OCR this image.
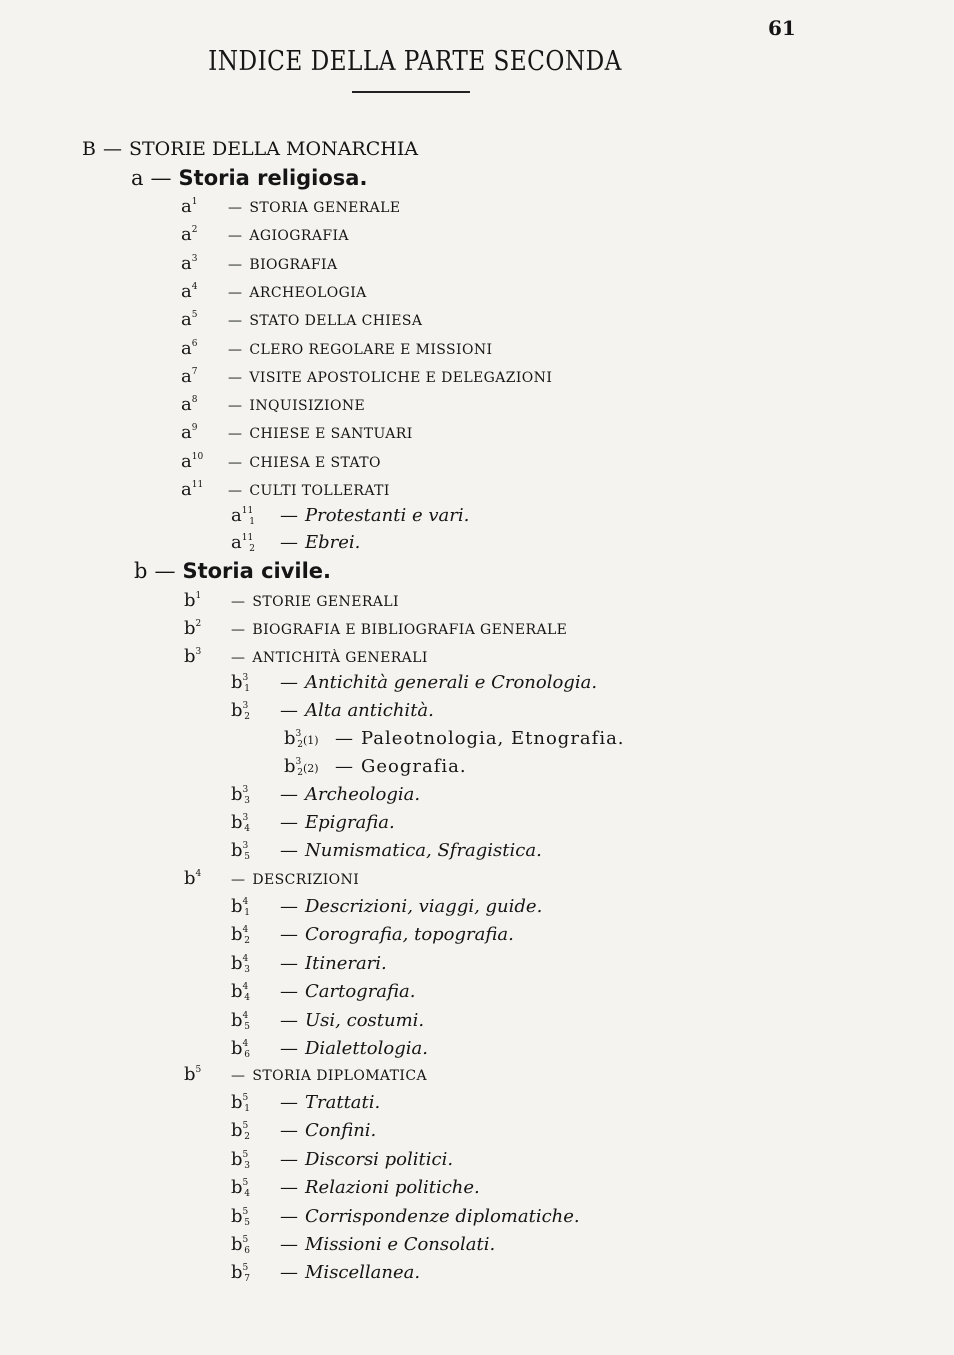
61
INDICE DELLA PARTE SECONDA
B — STORIE DELLA MONARCHIA
a — Storia religiosa.
$a^1$ — STORIA GENERALE
$a^2$ — AGIOGRAFIA
$a^3$ — BIOGRAFIA
$a^4$ — ARCHEOLOGIA
$a^5$ — STATO DELLA CHIESA
$a^6$ — CLERO REGOLARE E MISSIONI
$a^7$ — VISITE APOSTOLICHE E DELEGAZIONI
$a^8$ — INQUISIZIONE
$a^9$ — CHIESE E SANTUARI
$a^{10}$ — CHIESA E STATO
$a^{11}$ — CULTI TOLLERATI
$a^{11}_1$ — Protestanti e vari.
$a^{11}_2$ — Ebrei.
b — Storia civile.
$b^1$ — STORIE GENERALI
$b^2$ — BIOGRAFIA E BIBLIOGRAFIA GENERALE
$b^3$ — ANTICHITÀ GENERALI
$b^3_1$ — Antichità generali e Cronologia.
$b^3_2$ — Alta antichità.
$b^3_2(1)$ — Paleotnologia, Etnografia.
$b^3_2(2)$ — Geografia.
$b^3_3$ — Archeologia.
$b^3_4$ — Epigrafia.
$b^3_5$ — Numismatica, Sfragistica.
$b^4$ — DESCRIZIONI
$b^4_1$ — Descrizioni, viaggi, guide.
$b^4_2$ — Corografia, topografia.
$b^4_3$ — Itinerari.
$b^4_4$ — Cartografia.
$b^4_5$ — Usi, costumi.
$b^4_6$ — Dialettologia.
$b^5$ — STORIA DIPLOMATICA
$b^5_1$ — Trattati.
$b^5_2$ — Confini.
$b^5_3$ — Discorsi politici.
$b^5_4$ — Relazioni politiche.
$b^5_5$ — Corrispondenze diplomatiche.
$b^5_6$ — Missioni e Consolati.
$b^5_7$ — Miscellanea.
